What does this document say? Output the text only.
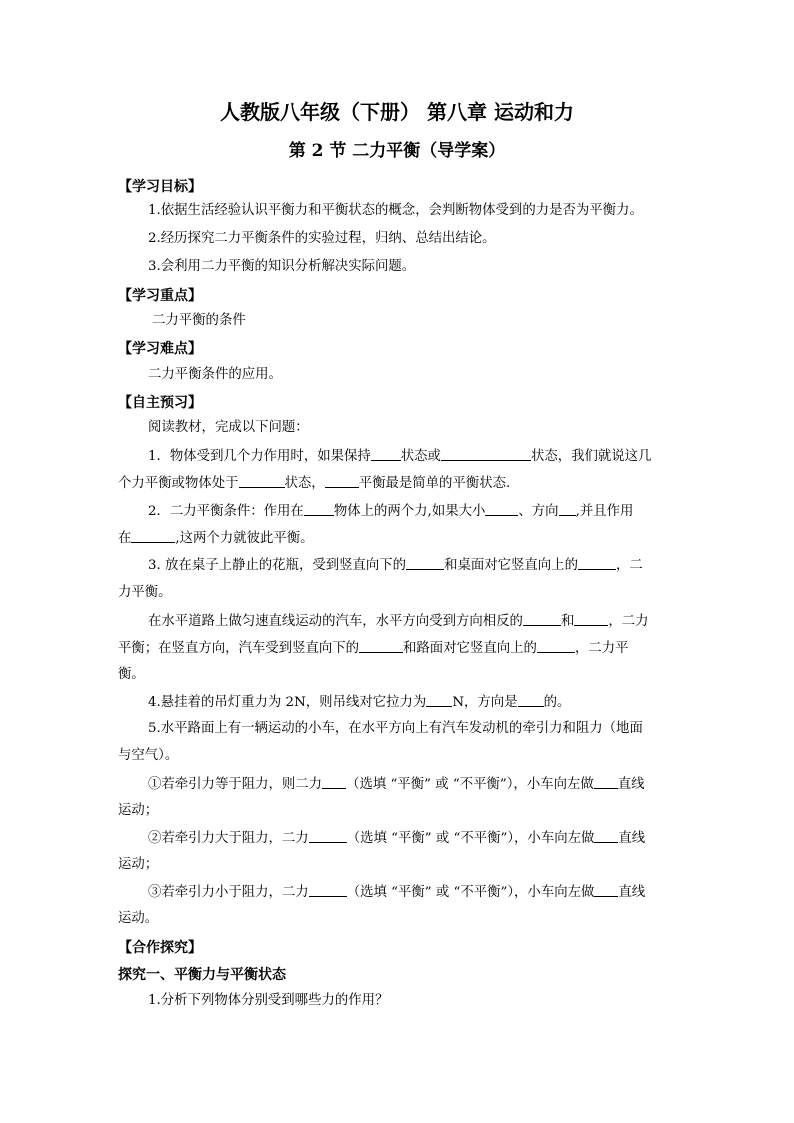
人教版八年级（下册） 第八章 运动和力
第 2 节 二力平衡（导学案）
【学习目标】
1.依据生活经验认识平衡力和平衡状态的概念，会判断物体受到的力是否为平衡力。
2.经历探究二力平衡条件的实验过程，归纳、总结出结论。
3.会利用二力平衡的知识分析解决实际问题。
【学习重点】
二力平衡的条件
【学习难点】
二力平衡条件的应用。
【自主预习】
阅读教材，完成以下问题：
1．物体受到几个力作用时，如果保持 状态或	状态，我们就说这几
个力平衡或物体处于	状态，	平衡最是简单的平衡状态.
2．二力平衡条件：作用在 物体上的两个力,如果大小 、方向 ,并且作用
在	,这两个力就彼此平衡。
3. 放在桌子上静止的花瓶，受到竖直向下的	和桌面对它竖直向上的	，二
力平衡。
在水平道路上做匀速直线运动的汽车，水平方向受到方向相反的	和	，二力
平衡；在竖直方向，汽车受到竖直向下的	和路面对它竖直向上的	，二力平
衡。
4.悬挂着的吊灯重力为 2N，则吊线对它拉力为 N，方向是 的。
5.水平路面上有一辆运动的小车，在水平方向上有汽车发动机的牵引力和阻力（地面
与空气）。
①若牵引力等于阻力，则二力 （选填 “平衡” 或 “不平衡”），小车向左做 直线
运动；
②若牵引力大于阻力，二力	（选填 “平衡” 或 “不平衡”），小车向左做 直线
运动；
③若牵引力小于阻力，二力	（选填 “平衡” 或 “不平衡”），小车向左做 直线
运动。
【合作探究】
探究一、平衡力与平衡状态
1.分析下列物体分别受到哪些力的作用？
